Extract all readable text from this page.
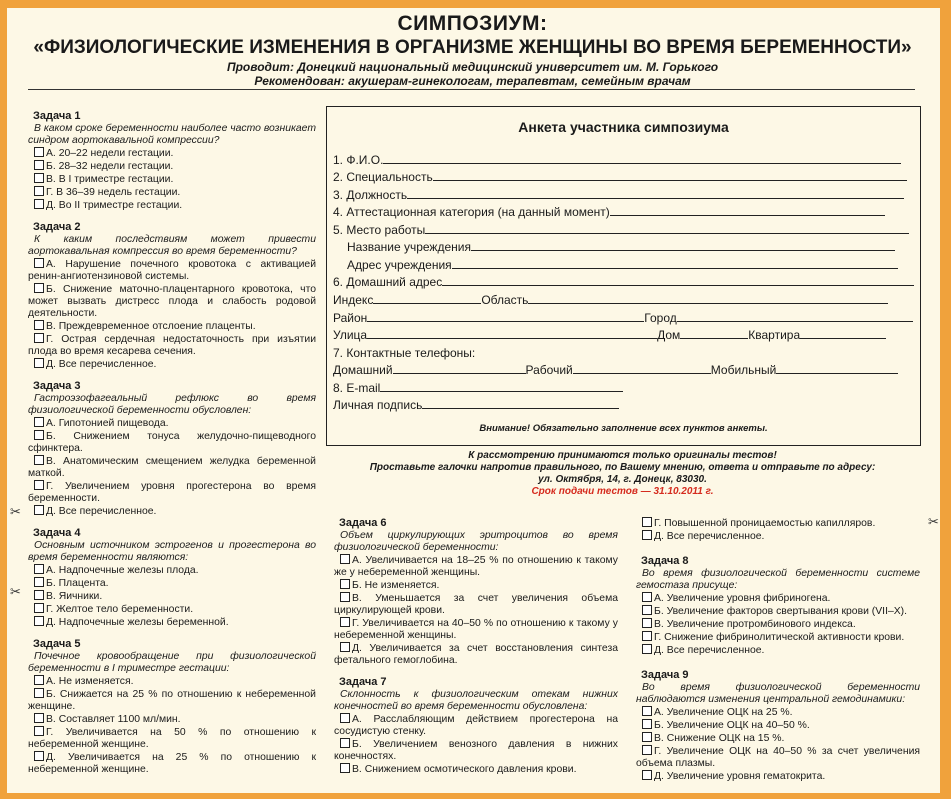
СИМПОЗИУМ:
«ФИЗИОЛОГИЧЕСКИЕ ИЗМЕНЕНИЯ В ОРГАНИЗМЕ ЖЕНЩИНЫ ВО ВРЕМЯ БЕРЕМЕННОСТИ»
Проводит: Донецкий национальный медицинский университет им. М. Горького
Рекомендован: акушерам-гинекологам, терапевтам, семейным врачам
Задача 1
В каком сроке беременности наиболее часто возникает синдром аортокавальной компрессии?
А. 20–22 недели гестации.
Б. 28–32 недели гестации.
В. В I триместре гестации.
Г. В 36–39 недель гестации.
Д. Во II триместре гестации.
Задача 2
К каким последствиям может привести аортокавальная компрессия во время беременности?
А. Нарушение почечного кровотока с активацией ренин-ангиотензиновой системы.
Б. Снижение маточно-плацентарного кровотока, что может вызвать дистресс плода и слабость родовой деятельности.
В. Преждевременное отслоение плаценты.
Г. Острая сердечная недостаточность при изъятии плода во время кесарева сечения.
Д. Все перечисленное.
Задача 3
Гастроэзофагеальный рефлюкс во время физиологической беременности обусловлен:
А. Гипотонией пищевода.
Б. Снижением тонуса желудочно-пищеводного сфинктера.
В. Анатомическим смещением желудка беременной маткой.
Г. Увеличением уровня прогестерона во время беременности.
Д. Все перечисленное.
Задача 4
Основным источником эстрогенов и прогестерона во время беременности являются:
А. Надпочечные железы плода.
Б. Плацента.
В. Яичники.
Г. Желтое тело беременности.
Д. Надпочечные железы беременной.
Задача 5
Почечное кровообращение при физиологической беременности в I триместре гестации:
А. Не изменяется.
Б. Снижается на 25 % по отношению к небеременной женщине.
В. Составляет 1100 мл/мин.
Г. Увеличивается на 50 % по отношению к небеременной женщине.
Д. Увеличивается на 25 % по отношению к небеременной женщине.
Анкета участника симпозиума
1. Ф.И.О.
2. Специальность
3. Должность
4. Аттестационная категория (на данный момент)
5. Место работы
Название учреждения
Адрес учреждения
6. Домашний адрес
Индекс	Область
Район	Город
Улица	Дом	Квартира
7. Контактные телефоны:
Домашний	Рабочий	Мобильный
8. E-mail
Личная подпись
Внимание! Обязательно заполнение всех пунктов анкеты.
К рассмотрению принимаются только оригиналы тестов!
Проставьте галочки напротив правильного, по Вашему мнению, ответа и отправьте по адресу:
ул. Октября, 14, г. Донецк, 83030.
Срок подачи тестов — 31.10.2011 г.
Задача 6
Объем циркулирующих эритроцитов во время физиологической беременности:
А. Увеличивается на 18–25 % по отношению к такому же у небеременной женщины.
Б. Не изменяется.
В. Уменьшается за счет увеличения объема циркулирующей крови.
Г. Увеличивается на 40–50 % по отношению к такому у небеременной женщины.
Д. Увеличивается за счет восстановления синтеза фетального гемоглобина.
Задача 7
Склонность к физиологическим отекам нижних конечностей во время беременности обусловлена:
А. Расслабляющим действием прогестерона на сосудистую стенку.
Б. Увеличением венозного давления в нижних конечностях.
В. Снижением осмотического давления крови.
Г. Повышенной проницаемостью капилляров.
Д. Все перечисленное.
Задача 8
Во время физиологической беременности системе гемостаза присуще:
А. Увеличение уровня фибриногена.
Б. Увеличение факторов свертывания крови (VII–X).
В. Увеличение протромбинового индекса.
Г. Снижение фибринолитической активности крови.
Д. Все перечисленное.
Задача 9
Во время физиологической беременности наблюдаются изменения центральной гемодинамики:
А. Увеличение ОЦК на 25 %.
Б. Увеличение ОЦК на 40–50 %.
В. Снижение ОЦК на 15 %.
Г. Увеличение ОЦК на 40–50 % за счет увеличения объема плазмы.
Д. Увеличение уровня гематокрита.
✂
✂
✂
